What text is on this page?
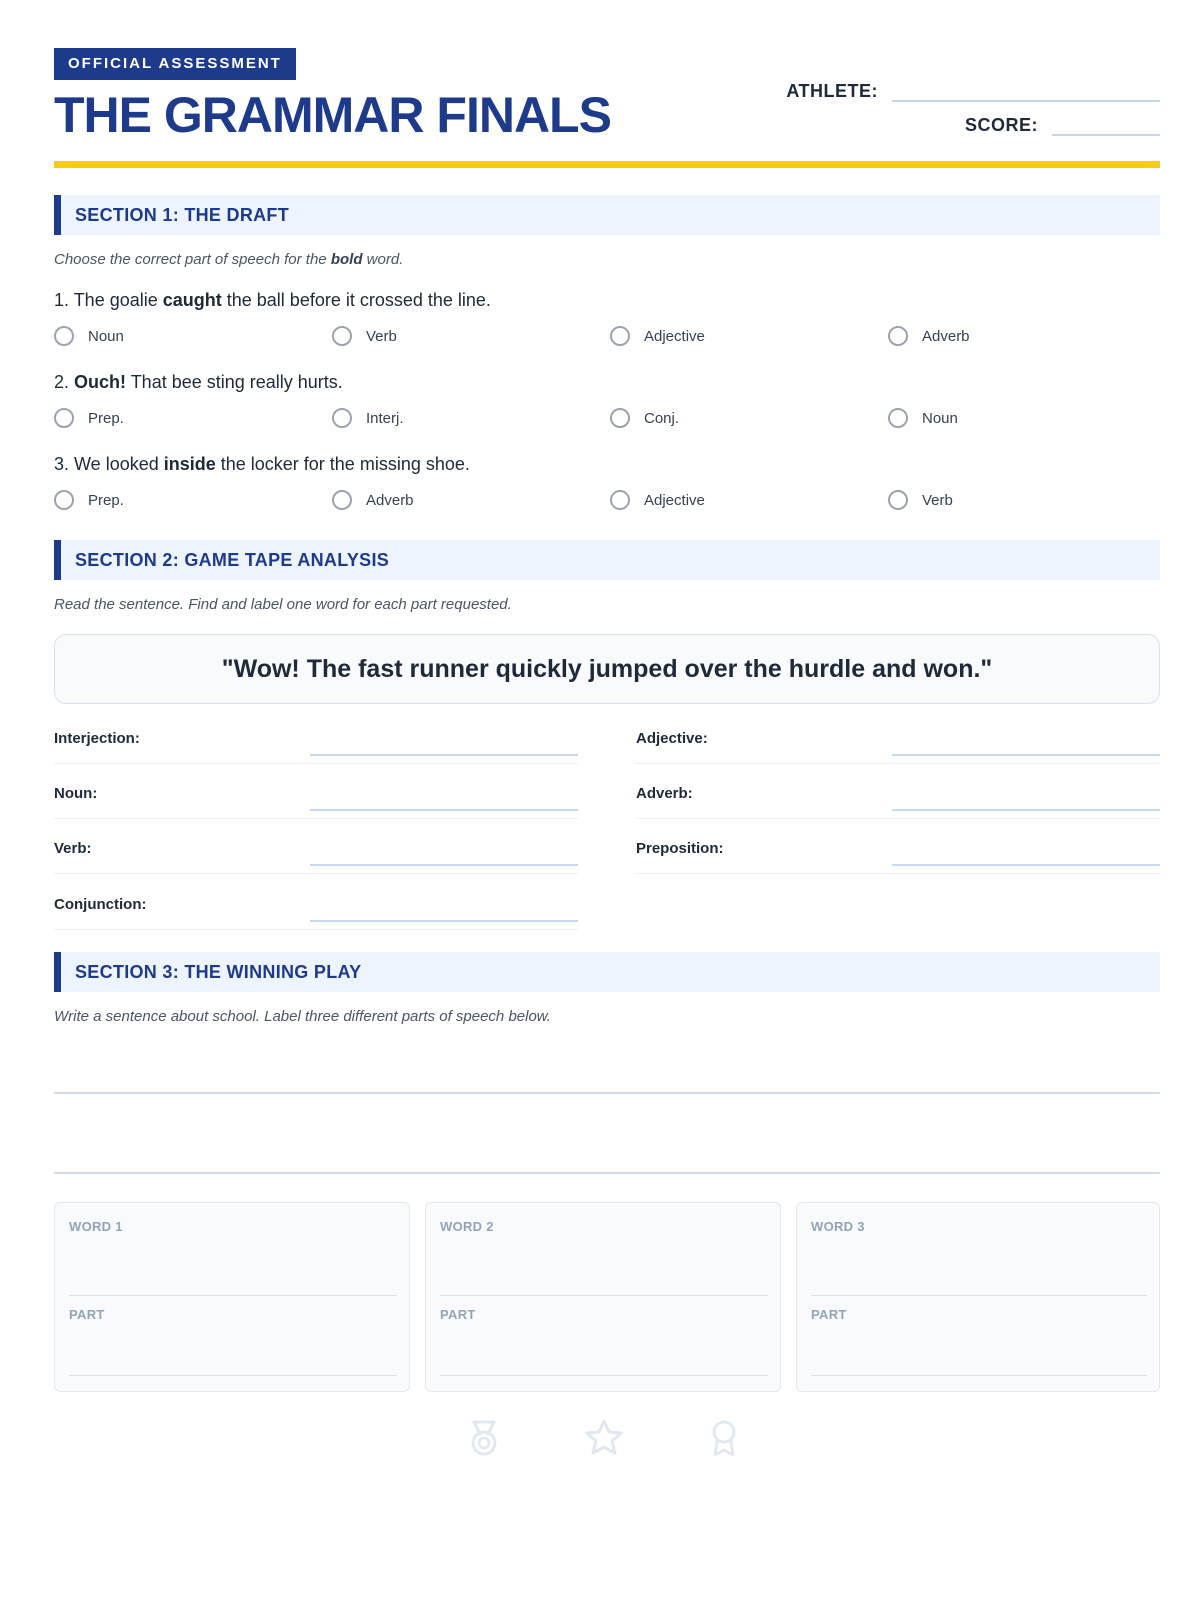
OFFICIAL ASSESSMENT
THE GRAMMAR FINALS	ATHLETE:
SCORE:
SECTION 1: THE DRAFT
Choose the correct part of speech for the bold word.
1. The goalie caught the ball before it crossed the line.
Noun	Verb	Adjective	Adverb
2. Ouch! That bee sting really hurts.
Prep.	Interj.	Conj.	Noun
3. We looked inside the locker for the missing shoe.
Prep.	Adverb	Adjective	Verb
SECTION 2: GAME TAPE ANALYSIS
Read the sentence. Find and label one word for each part requested.
"Wow! The fast runner quickly jumped over the hurdle and won."
Interjection:
Noun:
Verb:
Conjunction:
Adjective:
Adverb:
Preposition:
SECTION 3: THE WINNING PLAY
Write a sentence about school. Label three different parts of speech below.
WORD 1
PART
WORD 2
PART
WORD 3
PART
